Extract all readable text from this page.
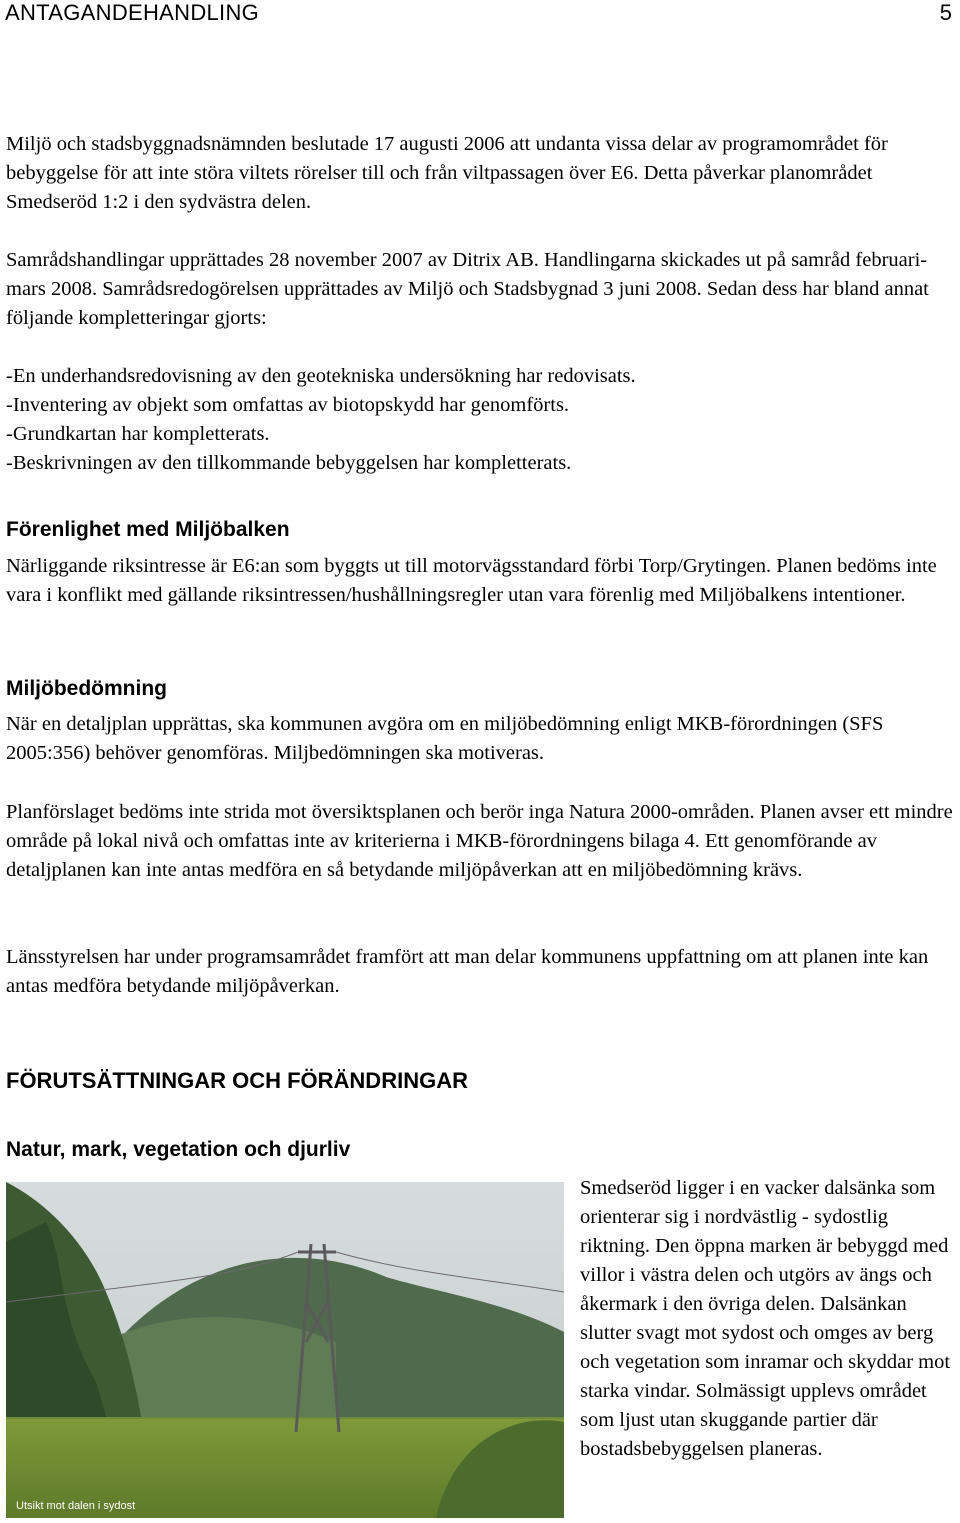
ANTAGANDEHANDLING	5

Miljö och stadsbyggnadsnämnden beslutade 17 augusti 2006 att undanta vissa delar av programområdet för bebyggelse för att inte störa viltets rörelser till och från viltpassagen över E6. Detta påverkar planområdet Smedseröd 1:2 i den sydvästra delen.

Samrådshandlingar upprättades 28 november 2007 av Ditrix AB. Handlingarna skickades ut på samråd februari-mars 2008. Samrådsredogörelsen upprättades av Miljö och Stadsbygnad 3 juni 2008. Sedan dess har bland annat följande kompletteringar gjorts:

-En underhandsredovisning av den geotekniska undersökning har redovisats.
-Inventering av objekt som omfattas av biotopskydd har genomförts.
-Grundkartan har kompletterats.
-Beskrivningen av den tillkommande bebyggelsen har kompletterats.
Förenlighet med Miljöbalken

Närliggande riksintresse är E6:an som byggts ut till motorvägsstandard förbi Torp/Grytingen. Planen bedöms inte vara i konflikt med gällande riksintressen/hushållningsregler utan vara förenlig med Miljöbalkens intentioner.

Miljöbedömning

När en detaljplan upprättas, ska kommunen avgöra om en miljöbedömning enligt MKB-förordningen (SFS 2005:356) behöver genomföras. Miljbedömningen ska motiveras.

Planförslaget bedöms inte strida mot översiktsplanen och berör inga Natura 2000-områden. Planen avser ett mindre område på lokal nivå och omfattas inte av kriterierna i MKB-förordningens bilaga 4. Ett genomförande av detaljplanen kan inte antas medföra en så betydande miljöpåverkan att en miljöbedömning krävs.

Länsstyrelsen har under programsamrådet framfört att man delar kommunens uppfattning om att planen inte kan antas medföra betydande miljöpåverkan.

FÖRUTSÄTTNINGAR OCH FÖRÄNDRINGAR
Natur, mark, vegetation och djurliv
Utsikt mot dalen i sydost

Smedseröd ligger i en vacker dalsänka som orienterar sig i nordvästlig - sydostlig riktning. Den öppna marken är bebyggd med villor i västra delen och utgörs av ängs och åkermark i den övriga delen. Dalsänkan slutter svagt mot sydost och omges av berg och vegetation som inramar och skyddar mot starka vindar. Solmässigt upplevs området som ljust utan skuggande partier där bostadsbebyggelsen planeras.
